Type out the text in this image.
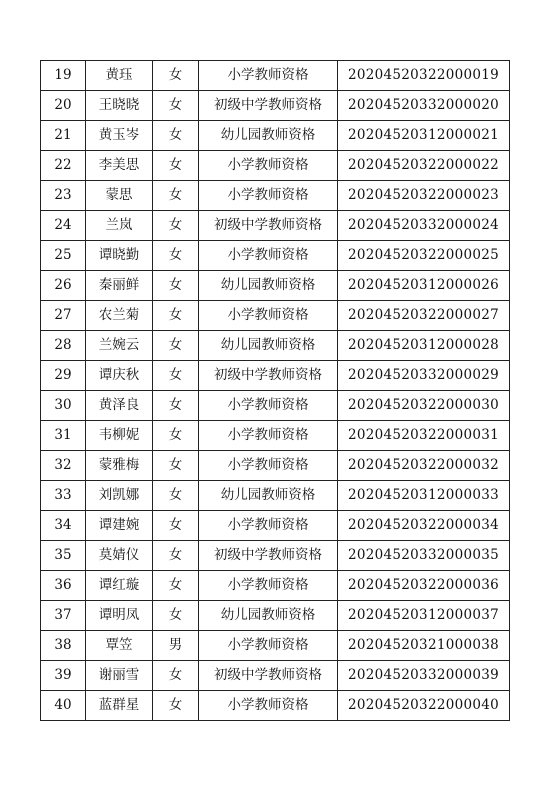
19	黄珏	女	小学教师资格	20204520322000019
20	王晓晓	女	初级中学教师资格	20204520332000020
21	黄玉岑	女	幼儿园教师资格	20204520312000021
22	李美思	女	小学教师资格	20204520322000022
23	蒙思	女	小学教师资格	20204520322000023
24	兰岚	女	初级中学教师资格	20204520332000024
25	谭晓勤	女	小学教师资格	20204520322000025
26	秦丽鲜	女	幼儿园教师资格	20204520312000026
27	农兰菊	女	小学教师资格	20204520322000027
28	兰婉云	女	幼儿园教师资格	20204520312000028
29	谭庆秋	女	初级中学教师资格	20204520332000029
30	黄泽良	女	小学教师资格	20204520322000030
31	韦柳妮	女	小学教师资格	20204520322000031
32	蒙雅梅	女	小学教师资格	20204520322000032
33	刘凯娜	女	幼儿园教师资格	20204520312000033
34	谭建婉	女	小学教师资格	20204520322000034
35	莫婧仪	女	初级中学教师资格	20204520332000035
36	谭红璇	女	小学教师资格	20204520322000036
37	谭明凤	女	幼儿园教师资格	20204520312000037
38	覃笠	男	小学教师资格	20204520321000038
39	谢丽雪	女	初级中学教师资格	20204520332000039
40	蓝群星	女	小学教师资格	20204520322000040
